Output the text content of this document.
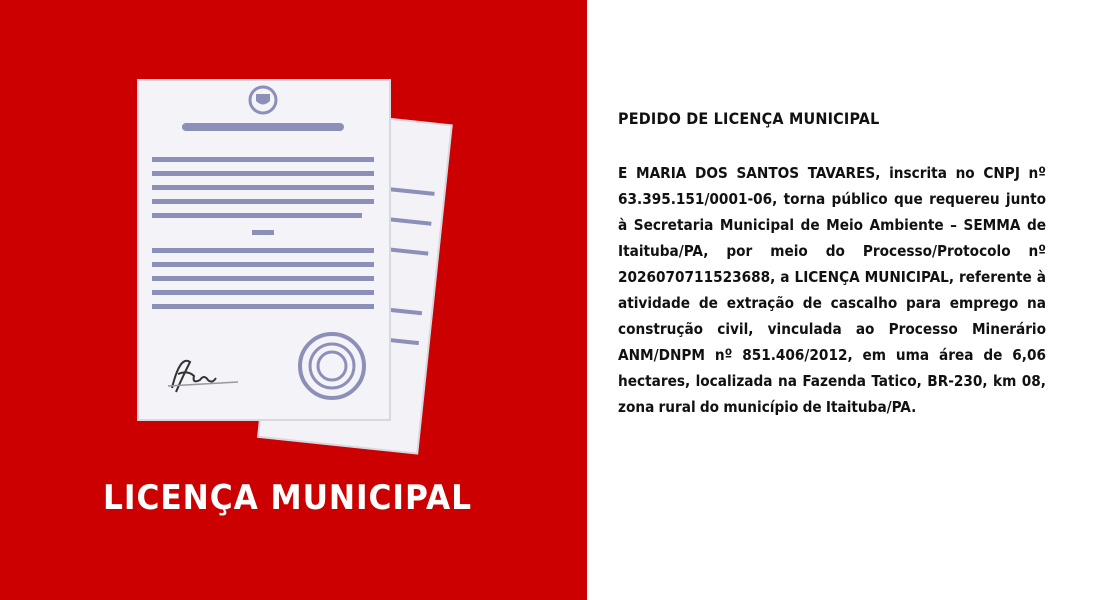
LICENÇA MUNICIPAL

PEDIDO DE LICENÇA MUNICIPAL

E MARIA DOS SANTOS TAVARES, inscrita no CNPJ nº 63.395.151/0001-06, torna público que requereu junto à Secretaria Municipal de Meio Ambiente – SEMMA de Itaituba/PA, por meio do Processo/Protocolo nº 2026070711523688, a LICENÇA MUNICIPAL, referente à atividade de extração de cascalho para emprego na construção civil, vinculada ao Processo Minerário ANM/DNPM nº 851.406/2012, em uma área de 6,06 hectares, localizada na Fazenda Tatico, BR-230, km 08, zona rural do município de Itaituba/PA.
